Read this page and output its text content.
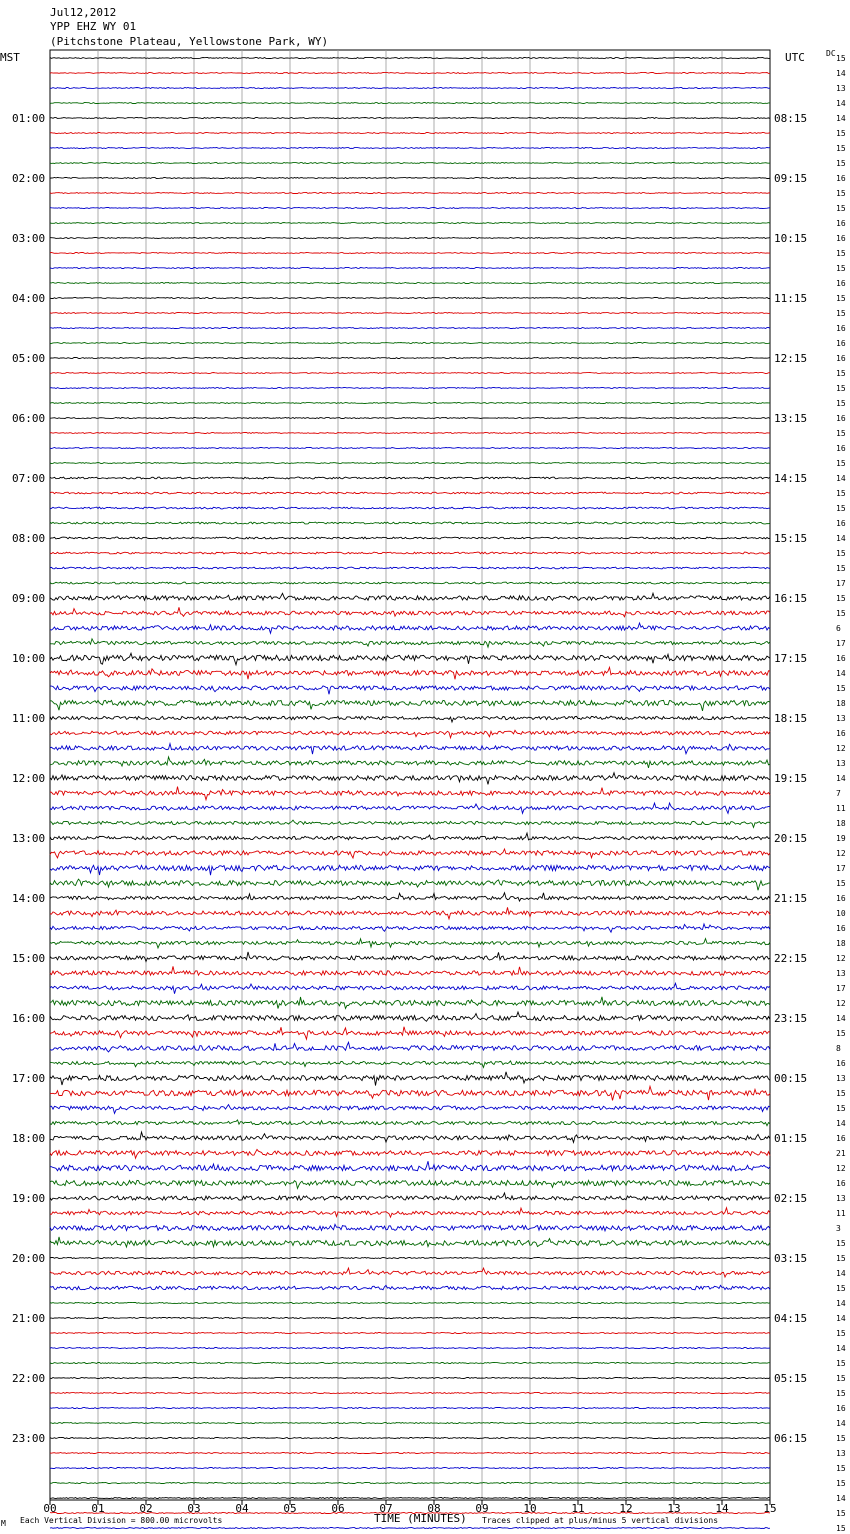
Jul12,2012
YPP EHZ WY 01
(Pitchstone Plateau, Yellowstone Park, WY)
MST	UTC	DC
15
14
13
14
14
15
15
15
16
15
15
16
16
15
15
16
15
15
16
16
16
15
15
15
16
15
16
15
14
15
15
16
14
15
15
17
15
15
6
17
16
14
15
18
13
16
12
13
14
7
11
18
19
12
17
15
16
10
16
18
12
13
17
12
14
15
8
16
13
15
15
14
16
21
12
16
13
11
3
15
15
14
15
14
14
15
14
15
15
15
16
14
15
13
15
15
14
15
15
01:00	08:15
02:00	09:15
03:00	10:15
04:00	11:15
05:00	12:15
06:00	13:15
07:00	14:15
08:00	15:15
09:00	16:15
10:00	17:15
11:00	18:15
12:00	19:15
13:00	20:15
14:00	21:15
15:00	22:15
16:00	23:15
17:00	00:15
18:00	01:15
19:00	02:15
20:00	03:15
21:00	04:15
22:00	05:15
23:00	06:15
00	01	02	03	04	05	06	07	08	09	10	11	12	13	14	15
TIME (MINUTES)
M Each Vertical Division = 800.00 microvolts	Traces clipped at plus/minus 5 vertical divisions
